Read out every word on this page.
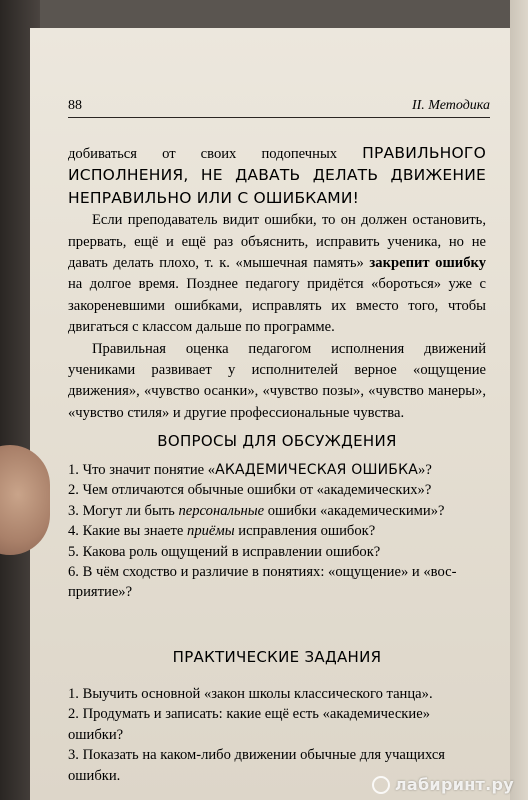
88	II. Методика

добиваться от своих подопечных ПРАВИЛЬНОГО ИСПОЛНЕНИЯ, НЕ ДАВАТЬ ДЕЛАТЬ ДВИЖЕНИЕ НЕПРАВИЛЬНО ИЛИ С ОШИБКАМИ!

Если преподаватель видит ошибки, то он должен остановить, прервать, ещё и ещё раз объяснить, исправить ученика, но не давать делать плохо, т. к. «мышечная память» закрепит ошибку на долгое время. Позднее педагогу придётся «бороться» уже с закореневшими ошибками, исправлять их вместо того, чтобы двигаться с классом дальше по программе.

Правильная оценка педагогом исполнения движений учениками развивает у исполнителей верное «ощущение движения», «чувство осанки», «чувство позы», «чувство манеры», «чувство стиля» и другие профессиональные чувства.

ВОПРОСЫ ДЛЯ ОБСУЖДЕНИЯ
1. Что значит понятие «АКАДЕМИЧЕСКАЯ ОШИБКА»?
2. Чем отличаются обычные ошибки от «академических»?
3. Могут ли быть персональные ошибки «академическими»?
4. Какие вы знаете приёмы исправления ошибок?
5. Какова роль ощущений в исправлении ошибок?
6. В чём сходство и различие в понятиях: «ощущение» и «восприятие»?
ПРАКТИЧЕСКИЕ ЗАДАНИЯ
1. Выучить основной «закон школы классического танца».
2. Продумать и записать: какие ещё есть «академические» ошибки?
3. Показать на каком-либо движении обычные для учащихся ошибки.	лабиринт.ру
